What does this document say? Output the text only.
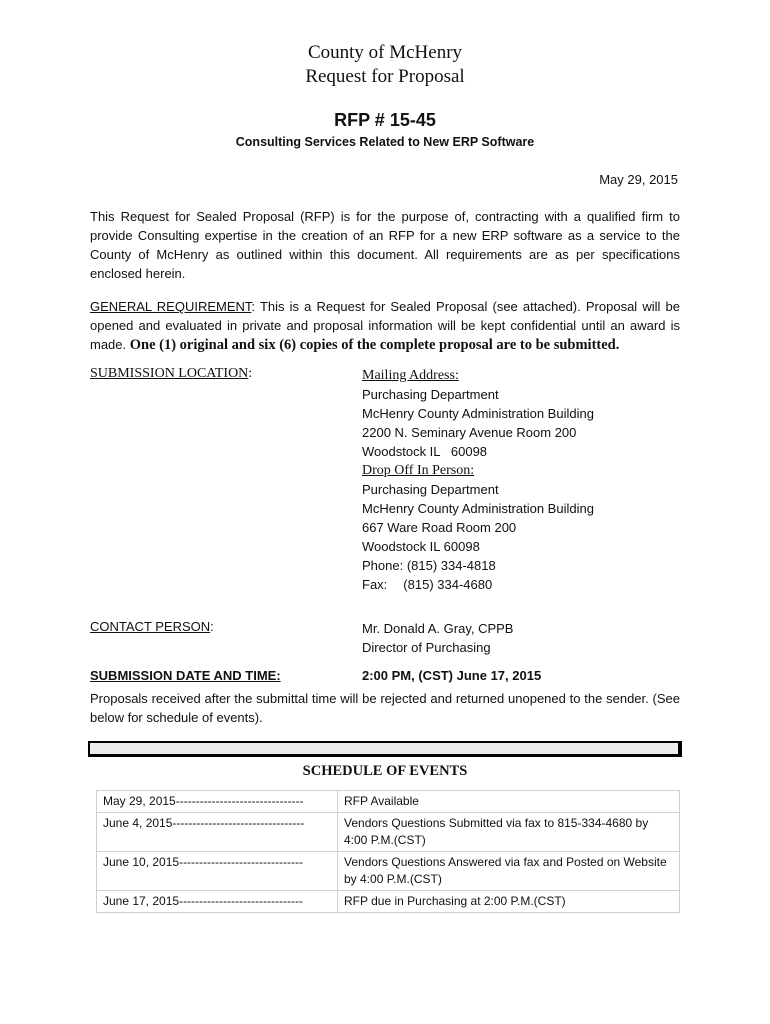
County of McHenry
Request for Proposal
RFP # 15-45
Consulting Services Related to New ERP Software
May 29, 2015
This Request for Sealed Proposal (RFP) is for the purpose of, contracting with a qualified firm to provide Consulting expertise in the creation of an RFP for a new ERP software as a service to the County of McHenry as outlined within this document. All requirements are as per specifications enclosed herein.
GENERAL REQUIREMENT: This is a Request for Sealed Proposal (see attached). Proposal will be opened and evaluated in private and proposal information will be kept confidential until an award is made. One (1) original and six (6) copies of the complete proposal are to be submitted.
SUBMISSION LOCATION:	Mailing Address:
Purchasing Department
McHenry County Administration Building
2200 N. Seminary Avenue Room 200
Woodstock IL   60098
Drop Off In Person:
Purchasing Department
McHenry County Administration Building
667 Ware Road Room 200
Woodstock IL 60098
Phone: (815) 334-4818
Fax: (815) 334-4680
CONTACT PERSON:	Mr. Donald A. Gray, CPPB
Director of Purchasing
SUBMISSION DATE AND TIME:	2:00 PM, (CST) June 17, 2015
Proposals received after the submittal time will be rejected and returned unopened to the sender. (See below for schedule of events).
SCHEDULE OF EVENTS
May 29, 2015--------------------------------	RFP Available
June 4, 2015---------------------------------	Vendors Questions Submitted via fax to 815-334-4680 by 4:00 P.M.(CST)
June 10, 2015-------------------------------	Vendors Questions Answered via fax and Posted on Website by 4:00 P.M.(CST)
June 17, 2015-------------------------------	RFP due in Purchasing at 2:00 P.M.(CST)
